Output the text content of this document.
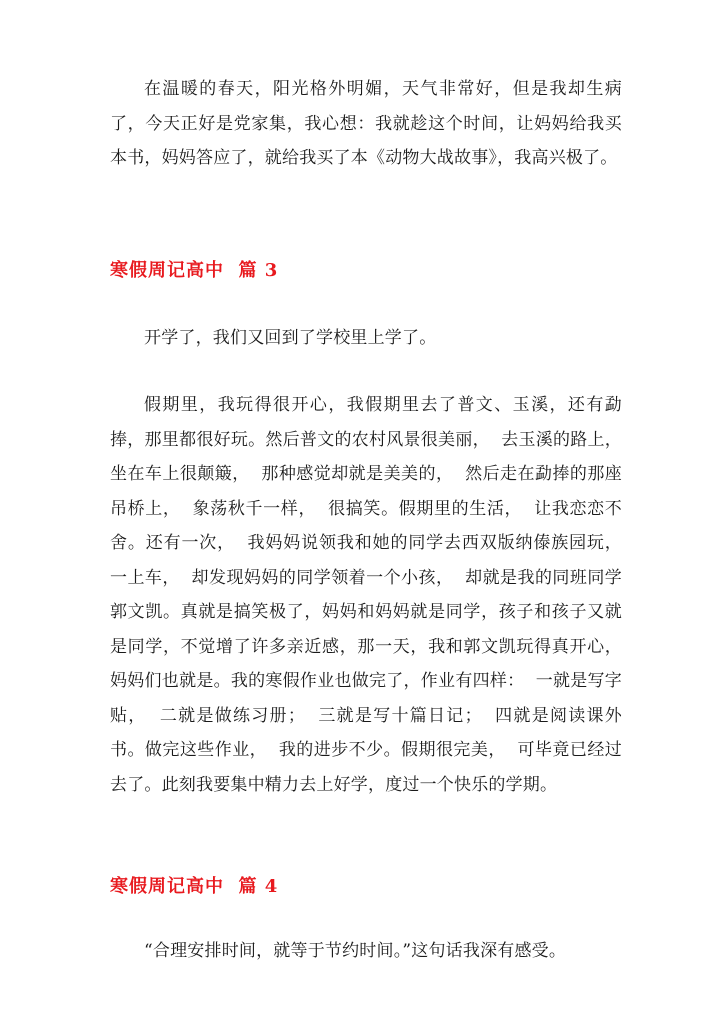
在温暖的春天，阳光格外明媚，天气非常好，但是我却生病了，今天正好是党家集，我心想：我就趁这个时间，让妈妈给我买本书，妈妈答应了，就给我买了本《动物大战故事》，我高兴极了。

寒假周记高中  篇 3

开学了，我们又回到了学校里上学了。

假期里，我玩得很开心，我假期里去了普文、玉溪，还有勐捧，那里都很好玩。然后普文的农村风景很美丽，  去玉溪的路上，坐在车上很颠簸，  那种感觉却就是美美的，  然后走在勐捧的那座吊桥上，  象荡秋千一样，  很搞笑。假期里的生活，  让我恋恋不舍。还有一次，  我妈妈说领我和她的同学去西双版纳傣族园玩，  一上车，  却发现妈妈的同学领着一个小孩，  却就是我的同班同学郭文凯。真就是搞笑极了，妈妈和妈妈就是同学，孩子和孩子又就是同学，不觉增了许多亲近感，那一天，我和郭文凯玩得真开心，妈妈们也就是。我的寒假作业也做完了，作业有四样：  一就是写字贴，  二就是做练习册；  三就是写十篇日记；  四就是阅读课外书。做完这些作业，  我的进步不少。假期很完美，  可毕竟已经过去了。此刻我要集中精力去上好学，度过一个快乐的学期。

寒假周记高中  篇 4

“合理安排时间，就等于节约时间。”这句话我深有感受。
